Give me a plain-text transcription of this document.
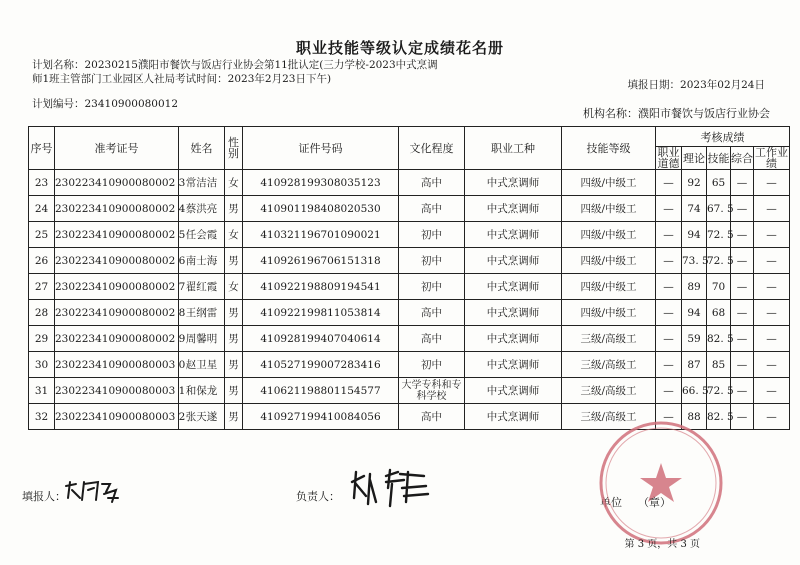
职业技能等级认定成绩花名册
计划名称：20230215濮阳市餐饮与饭店行业协会第11批认定(三力学校-2023中式烹调
师1班主管部门工业园区人社局考试时间：2023年2月23日下午)	填报日期：2023年02月24日
计划编号：23410900080012
机构名称：濮阳市餐饮与饭店行业协会
序号	准考证号	姓名	性别	证件号码	文化程度	职业工种	技能等级	考核成绩				
								职业道德	理论	技能	综合	工作业绩
23	230223410900080002 3	常洁洁	女	410928199308035123	高中	中式烹调师	四级/中级工	—	92	65	—	—
24	230223410900080002 4	蔡洪亮	男	410901198408020530	高中	中式烹调师	四级/中级工	—	74	67. 5	—	—
25	230223410900080002 5	任会霞	女	410321196701090021	初中	中式烹调师	四级/中级工	—	94	72. 5	—	—
26	230223410900080002 6	南士海	男	410926196706151318	初中	中式烹调师	四级/中级工	—	73. 5	72. 5	—	—
27	230223410900080002 7	翟红霞	女	410922198809194541	初中	中式烹调师	四级/中级工	—	89	70	—	—
28	230223410900080002 8	王纲雷	男	410922199811053814	高中	中式烹调师	四级/中级工	—	94	68	—	—
29	230223410900080002 9	周馨明	男	410928199407040614	高中	中式烹调师	三级/高级工	—	59	82. 5	—	—
30	230223410900080003 0	赵卫星	男	410527199007283416	初中	中式烹调师	三级/高级工	—	87	85	—	—
31	230223410900080003 1	和保龙	男	410621198801154577	大学专科和专科学校	中式烹调师	三级/高级工	—	66. 5	72. 5	—	—
32	230223410900080003 2	张天遂	男	410927199410084056	高中	中式烹调师	三级/高级工	—	88	82. 5	—	—
填报人：	负责人：	单位 （章）
第 3 页，共 3 页
